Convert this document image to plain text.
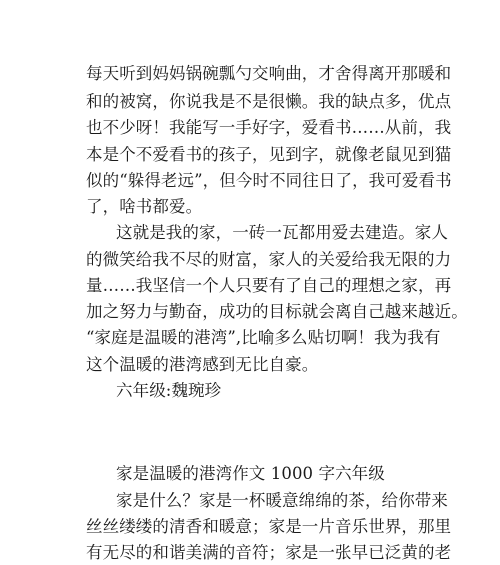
每天听到妈妈锅碗瓢勺交响曲，才舍得离开那暖和
和的被窝，你说我是不是很懒。我的缺点多，优点
也不少呀！我能写一手好字，爱看书……从前，我
本是个不爱看书的孩子，见到字，就像老鼠见到猫
似的“躲得老远”，但今时不同往日了，我可爱看书
了，啥书都爱。
这就是我的家，一砖一瓦都用爱去建造。家人
的微笑给我不尽的财富，家人的关爱给我无限的力
量……我坚信一个人只要有了自己的理想之家，再
加之努力与勤奋，成功的目标就会离自己越来越近。
“家庭是温暖的港湾”,比喻多么贴切啊！我为我有
这个温暖的港湾感到无比自豪。
六年级:魏琬珍
家是温暖的港湾作文 1000 字六年级
家是什么？家是一杯暖意绵绵的茶，给你带来
丝丝缕缕的清香和暖意；家是一片音乐世界，那里
有无尽的和谐美满的音符；家是一张早已泛黄的老
